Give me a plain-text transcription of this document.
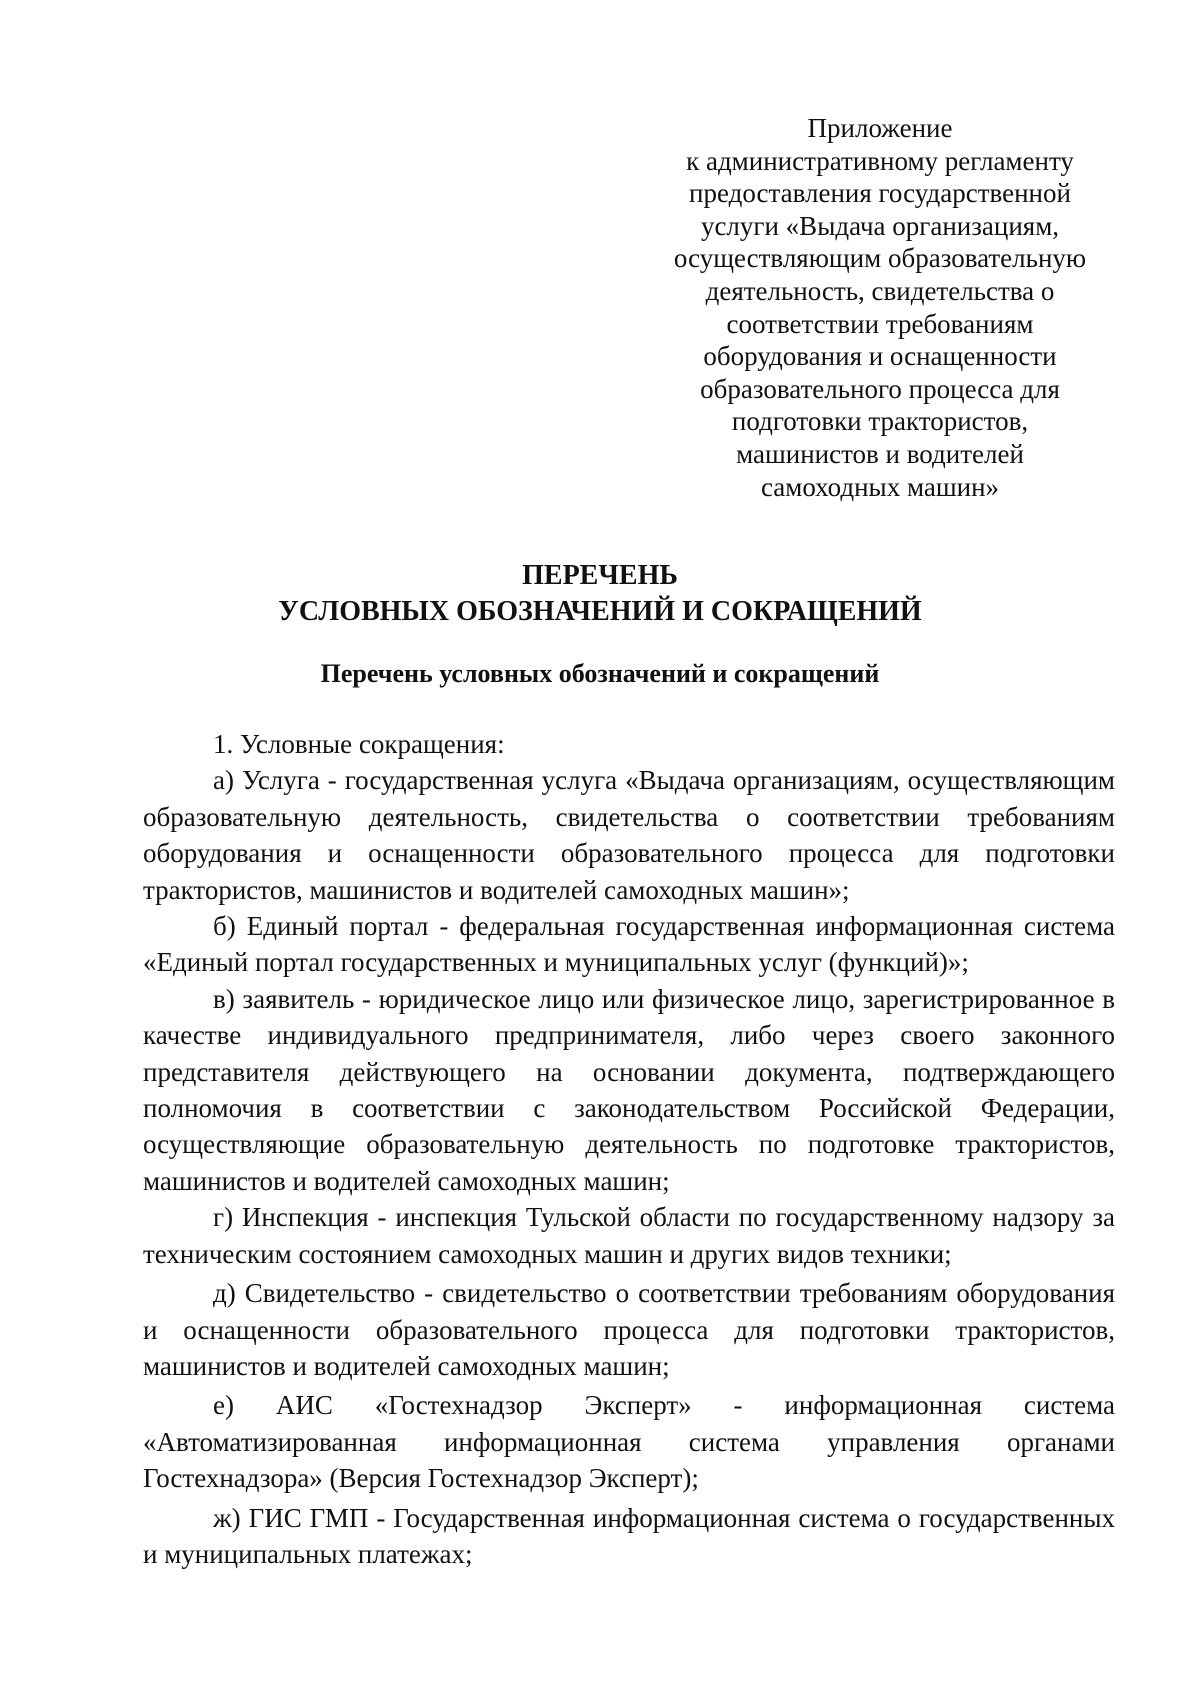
Приложение
к административному регламенту
предоставления государственной
услуги «Выдача организациям,
осуществляющим образовательную
деятельность, свидетельства о
соответствии требованиям
оборудования и оснащенности
образовательного процесса для
подготовки трактористов,
машинистов и водителей
самоходных машин»
ПЕРЕЧЕНЬ
УСЛОВНЫХ ОБОЗНАЧЕНИЙ И СОКРАЩЕНИЙ
Перечень условных обозначений и сокращений

1. Условные сокращения:

а) Услуга - государственная услуга «Выдача организациям, осуществляющим образовательную деятельность, свидетельства о соответствии требованиям оборудования и оснащенности образовательного процесса для подготовки трактористов, машинистов и водителей самоходных машин»;

б) Единый портал - федеральная государственная информационная система «Единый портал государственных и муниципальных услуг (функций)»;

в) заявитель - юридическое лицо или физическое лицо, зарегистрированное в качестве индивидуального предпринимателя, либо через своего законного представителя действующего на основании документа, подтверждающего полномочия в соответствии с законодательством Российской Федерации, осуществляющие образовательную деятельность по подготовке трактористов, машинистов и водителей самоходных машин;

г) Инспекция - инспекция Тульской области по государственному надзору за техническим состоянием самоходных машин и других видов техники;

д) Свидетельство - свидетельство о соответствии требованиям оборудования и оснащенности образовательного процесса для подготовки трактористов, машинистов и водителей самоходных машин;

е) АИС «Гостехнадзор Эксперт» - информационная система «Автоматизированная информационная система управления органами Гостехнадзора» (Версия Гостехнадзор Эксперт);

ж) ГИС ГМП - Государственная информационная система о государственных и муниципальных платежах;
